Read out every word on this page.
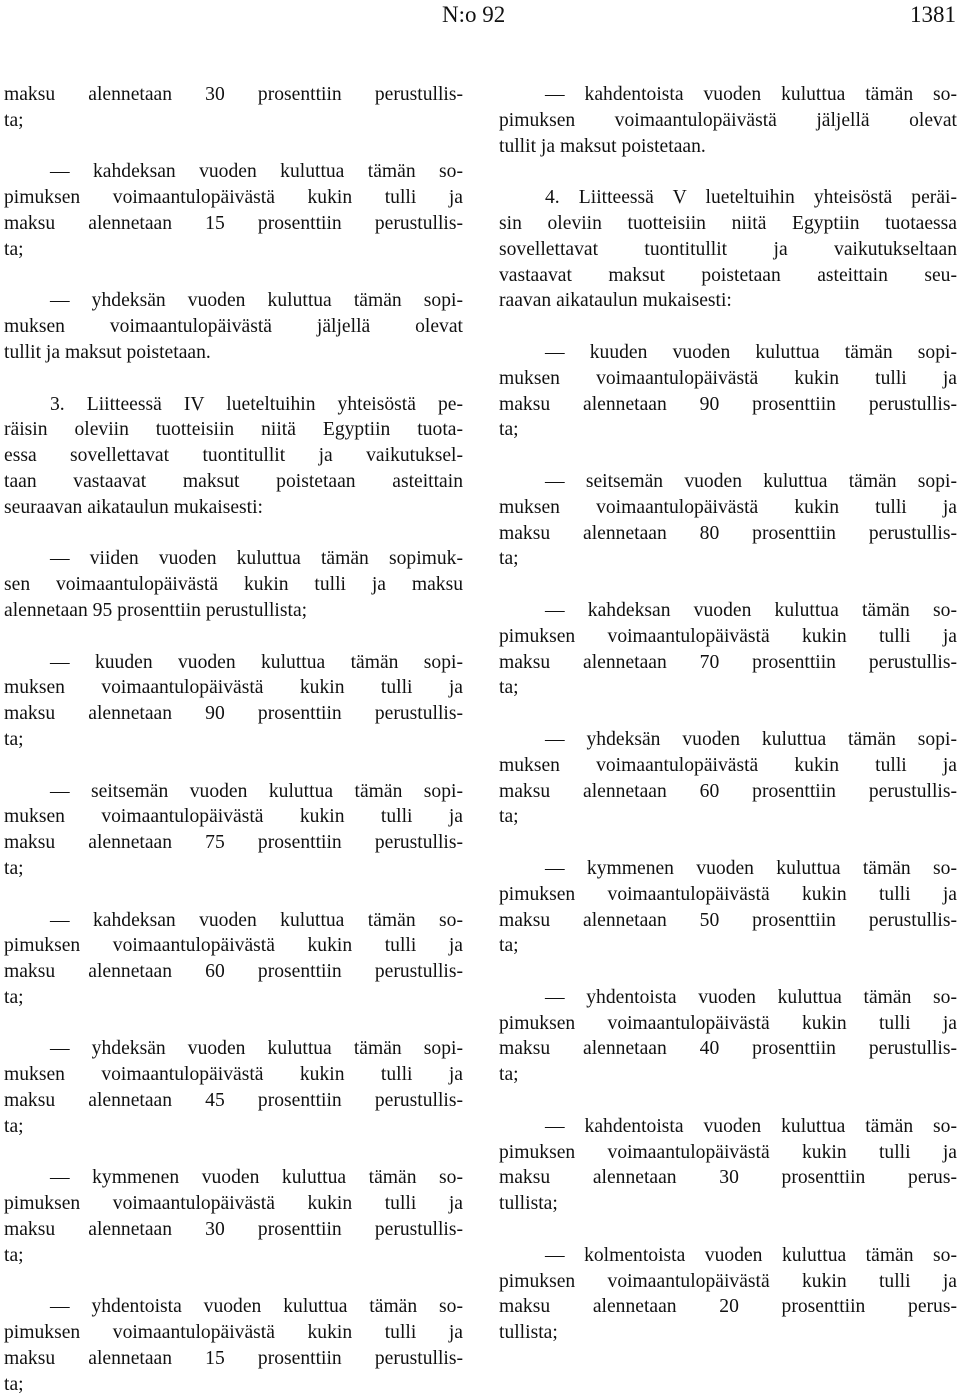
N:o 92	1381
maksu alennetaan 30 prosenttiin perustullis-
ta;
— kahdeksan vuoden kuluttua tämän so-
pimuksen voimaantulopäivästä kukin tulli ja
maksu alennetaan 15 prosenttiin perustullis-
ta;
— yhdeksän vuoden kuluttua tämän sopi-
muksen voimaantulopäivästä jäljellä olevat
tullit ja maksut poistetaan.
3. Liitteessä IV lueteltuihin yhteisöstä pe-
räisin oleviin tuotteisiin niitä Egyptiin tuota-
essa sovellettavat tuontitullit ja vaikutuksel-
taan vastaavat maksut poistetaan asteittain
seuraavan aikataulun mukaisesti:
— viiden vuoden kuluttua tämän sopimuk-
sen voimaantulopäivästä kukin tulli ja maksu
alennetaan 95 prosenttiin perustullista;
— kuuden vuoden kuluttua tämän sopi-
muksen voimaantulopäivästä kukin tulli ja
maksu alennetaan 90 prosenttiin perustullis-
ta;
— seitsemän vuoden kuluttua tämän sopi-
muksen voimaantulopäivästä kukin tulli ja
maksu alennetaan 75 prosenttiin perustullis-
ta;
— kahdeksan vuoden kuluttua tämän so-
pimuksen voimaantulopäivästä kukin tulli ja
maksu alennetaan 60 prosenttiin perustullis-
ta;
— yhdeksän vuoden kuluttua tämän sopi-
muksen voimaantulopäivästä kukin tulli ja
maksu alennetaan 45 prosenttiin perustullis-
ta;
— kymmenen vuoden kuluttua tämän so-
pimuksen voimaantulopäivästä kukin tulli ja
maksu alennetaan 30 prosenttiin perustullis-
ta;
— yhdentoista vuoden kuluttua tämän so-
pimuksen voimaantulopäivästä kukin tulli ja
maksu alennetaan 15 prosenttiin perustullis-
ta;
— kahdentoista vuoden kuluttua tämän so-
pimuksen voimaantulopäivästä jäljellä olevat
tullit ja maksut poistetaan.
4. Liitteessä V lueteltuihin yhteisöstä peräi-
sin oleviin tuotteisiin niitä Egyptiin tuotaessa
sovellettavat tuontitullit ja vaikutukseltaan
vastaavat maksut poistetaan asteittain seu-
raavan aikataulun mukaisesti:
— kuuden vuoden kuluttua tämän sopi-
muksen voimaantulopäivästä kukin tulli ja
maksu alennetaan 90 prosenttiin perustullis-
ta;
— seitsemän vuoden kuluttua tämän sopi-
muksen voimaantulopäivästä kukin tulli ja
maksu alennetaan 80 prosenttiin perustullis-
ta;
— kahdeksan vuoden kuluttua tämän so-
pimuksen voimaantulopäivästä kukin tulli ja
maksu alennetaan 70 prosenttiin perustullis-
ta;
— yhdeksän vuoden kuluttua tämän sopi-
muksen voimaantulopäivästä kukin tulli ja
maksu alennetaan 60 prosenttiin perustullis-
ta;
— kymmenen vuoden kuluttua tämän so-
pimuksen voimaantulopäivästä kukin tulli ja
maksu alennetaan 50 prosenttiin perustullis-
ta;
— yhdentoista vuoden kuluttua tämän so-
pimuksen voimaantulopäivästä kukin tulli ja
maksu alennetaan 40 prosenttiin perustullis-
ta;
— kahdentoista vuoden kuluttua tämän so-
pimuksen voimaantulopäivästä kukin tulli ja
maksu alennetaan 30 prosenttiin perus-
tullista;
— kolmentoista vuoden kuluttua tämän so-
pimuksen voimaantulopäivästä kukin tulli ja
maksu alennetaan 20 prosenttiin perus-
tullista;
